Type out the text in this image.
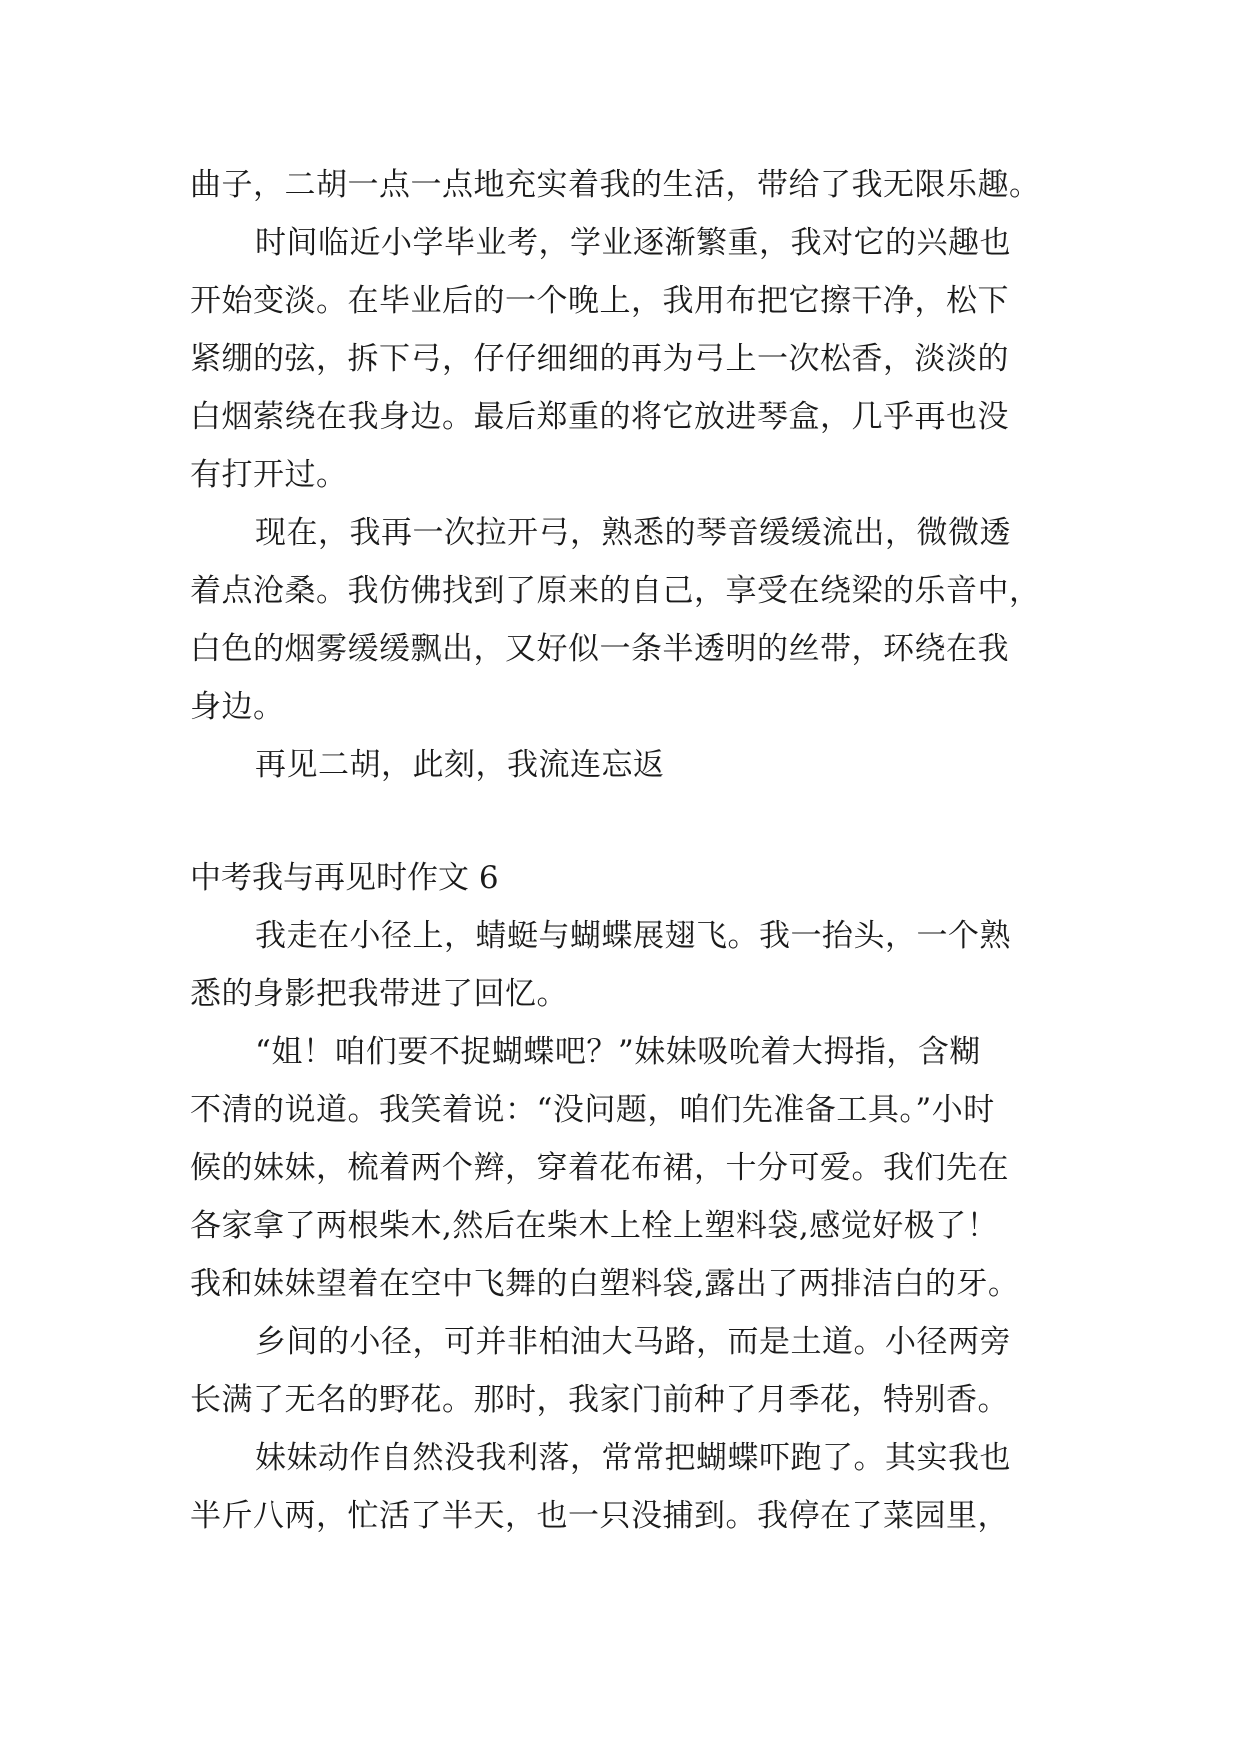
曲子，二胡一点一点地充实着我的生活，带给了我无限乐趣。
时间临近小学毕业考，学业逐渐繁重，我对它的兴趣也
开始变淡。在毕业后的一个晚上，我用布把它擦干净，松下
紧绷的弦，拆下弓，仔仔细细的再为弓上一次松香，淡淡的
白烟萦绕在我身边。最后郑重的将它放进琴盒，几乎再也没
有打开过。
现在，我再一次拉开弓，熟悉的琴音缓缓流出，微微透
着点沧桑。我仿佛找到了原来的自己，享受在绕梁的乐音中，
白色的烟雾缓缓飘出，又好似一条半透明的丝带，环绕在我
身边。
再见二胡，此刻，我流连忘返
中考我与再见时作文 6
我走在小径上，蜻蜓与蝴蝶展翅飞。我一抬头，一个熟
悉的身影把我带进了回忆。
“姐！咱们要不捉蝴蝶吧？”妹妹吸吮着大拇指，含糊
不清的说道。我笑着说：“没问题，咱们先准备工具。”小时
候的妹妹，梳着两个辫，穿着花布裙，十分可爱。我们先在
各家拿了两根柴木,然后在柴木上栓上塑料袋,感觉好极了！
我和妹妹望着在空中飞舞的白塑料袋,露出了两排洁白的牙。
乡间的小径，可并非柏油大马路，而是土道。小径两旁
长满了无名的野花。那时，我家门前种了月季花，特别香。
妹妹动作自然没我利落，常常把蝴蝶吓跑了。其实我也
半斤八两，忙活了半天，也一只没捕到。我停在了菜园里，
